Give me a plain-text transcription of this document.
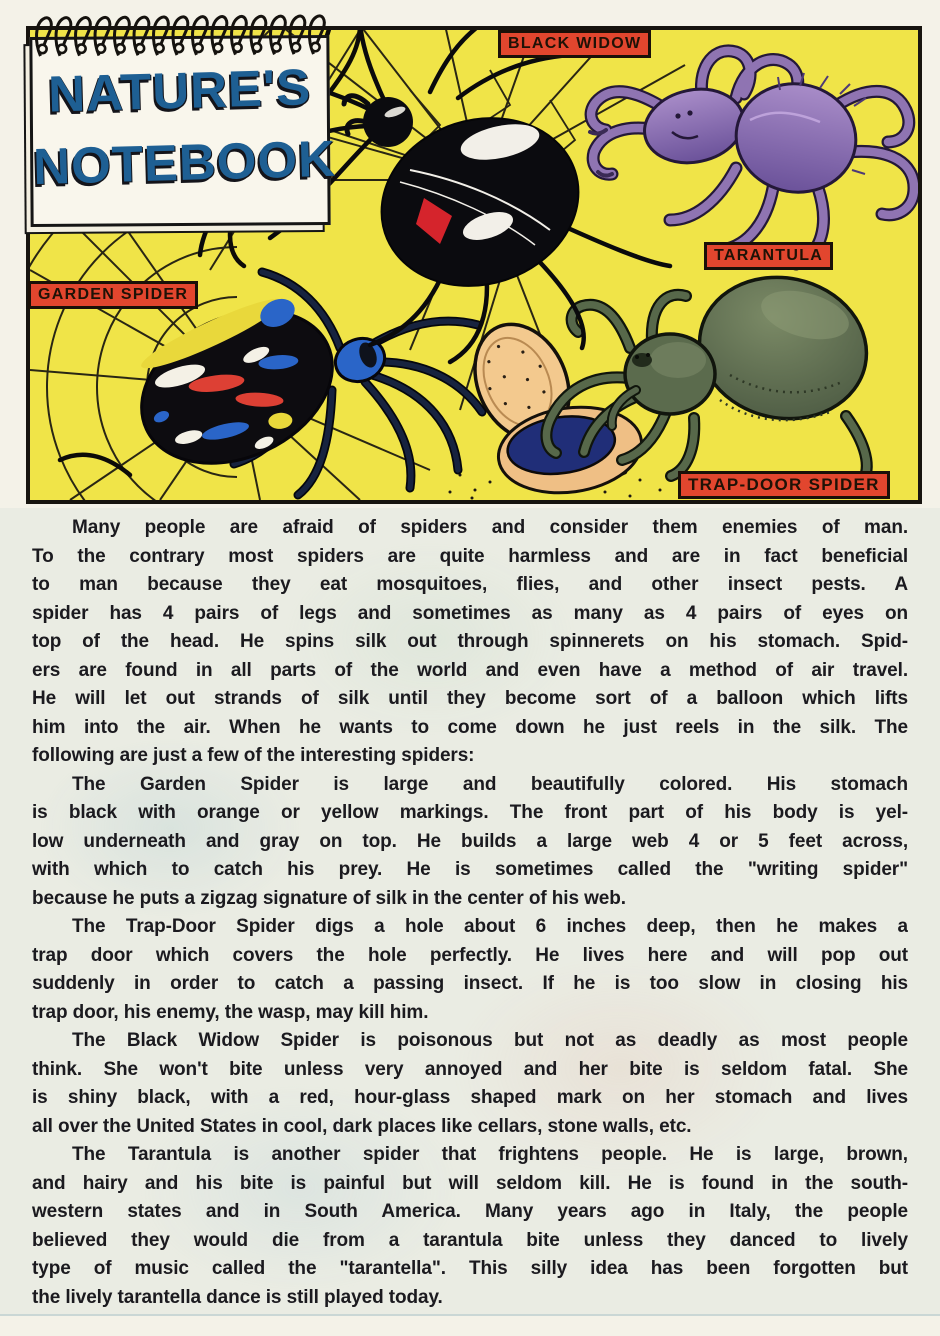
BLACK WIDOW
TARANTULA
GARDEN SPIDER
TRAP-DOOR SPIDER
NATURE'S
NOTEBOOK
Many people are afraid of spiders and consider them enemies of man.
To the contrary most spiders are quite harmless and are in fact beneficial
to man because they eat mosquitoes, flies, and other insect pests. A
spider has 4 pairs of legs and sometimes as many as 4 pairs of eyes on
top of the head. He spins silk out through spinnerets on his stomach. Spid-
ers are found in all parts of the world and even have a method of air travel.
He will let out strands of silk until they become sort of a balloon which lifts
him into the air. When he wants to come down he just reels in the silk. The
following are just a few of the interesting spiders:
The Garden Spider is large and beautifully colored. His stomach
is black with orange or yellow markings. The front part of his body is yel-
low underneath and gray on top. He builds a large web 4 or 5 feet across,
with which to catch his prey. He is sometimes called the "writing spider"
because he puts a zigzag signature of silk in the center of his web.
The Trap-Door Spider digs a hole about 6 inches deep, then he makes a
trap door which covers the hole perfectly. He lives here and will pop out
suddenly in order to catch a passing insect. If he is too slow in closing his
trap door, his enemy, the wasp, may kill him.
The Black Widow Spider is poisonous but not as deadly as most people
think. She won't bite unless very annoyed and her bite is seldom fatal. She
is shiny black, with a red, hour-glass shaped mark on her stomach and lives
all over the United States in cool, dark places like cellars, stone walls, etc.
The Tarantula is another spider that frightens people. He is large, brown,
and hairy and his bite is painful but will seldom kill. He is found in the south-
western states and in South America. Many years ago in Italy, the people
believed they would die from a tarantula bite unless they danced to lively
type of music called the "tarantella". This silly idea has been forgotten but
the lively tarantella dance is still played today.
